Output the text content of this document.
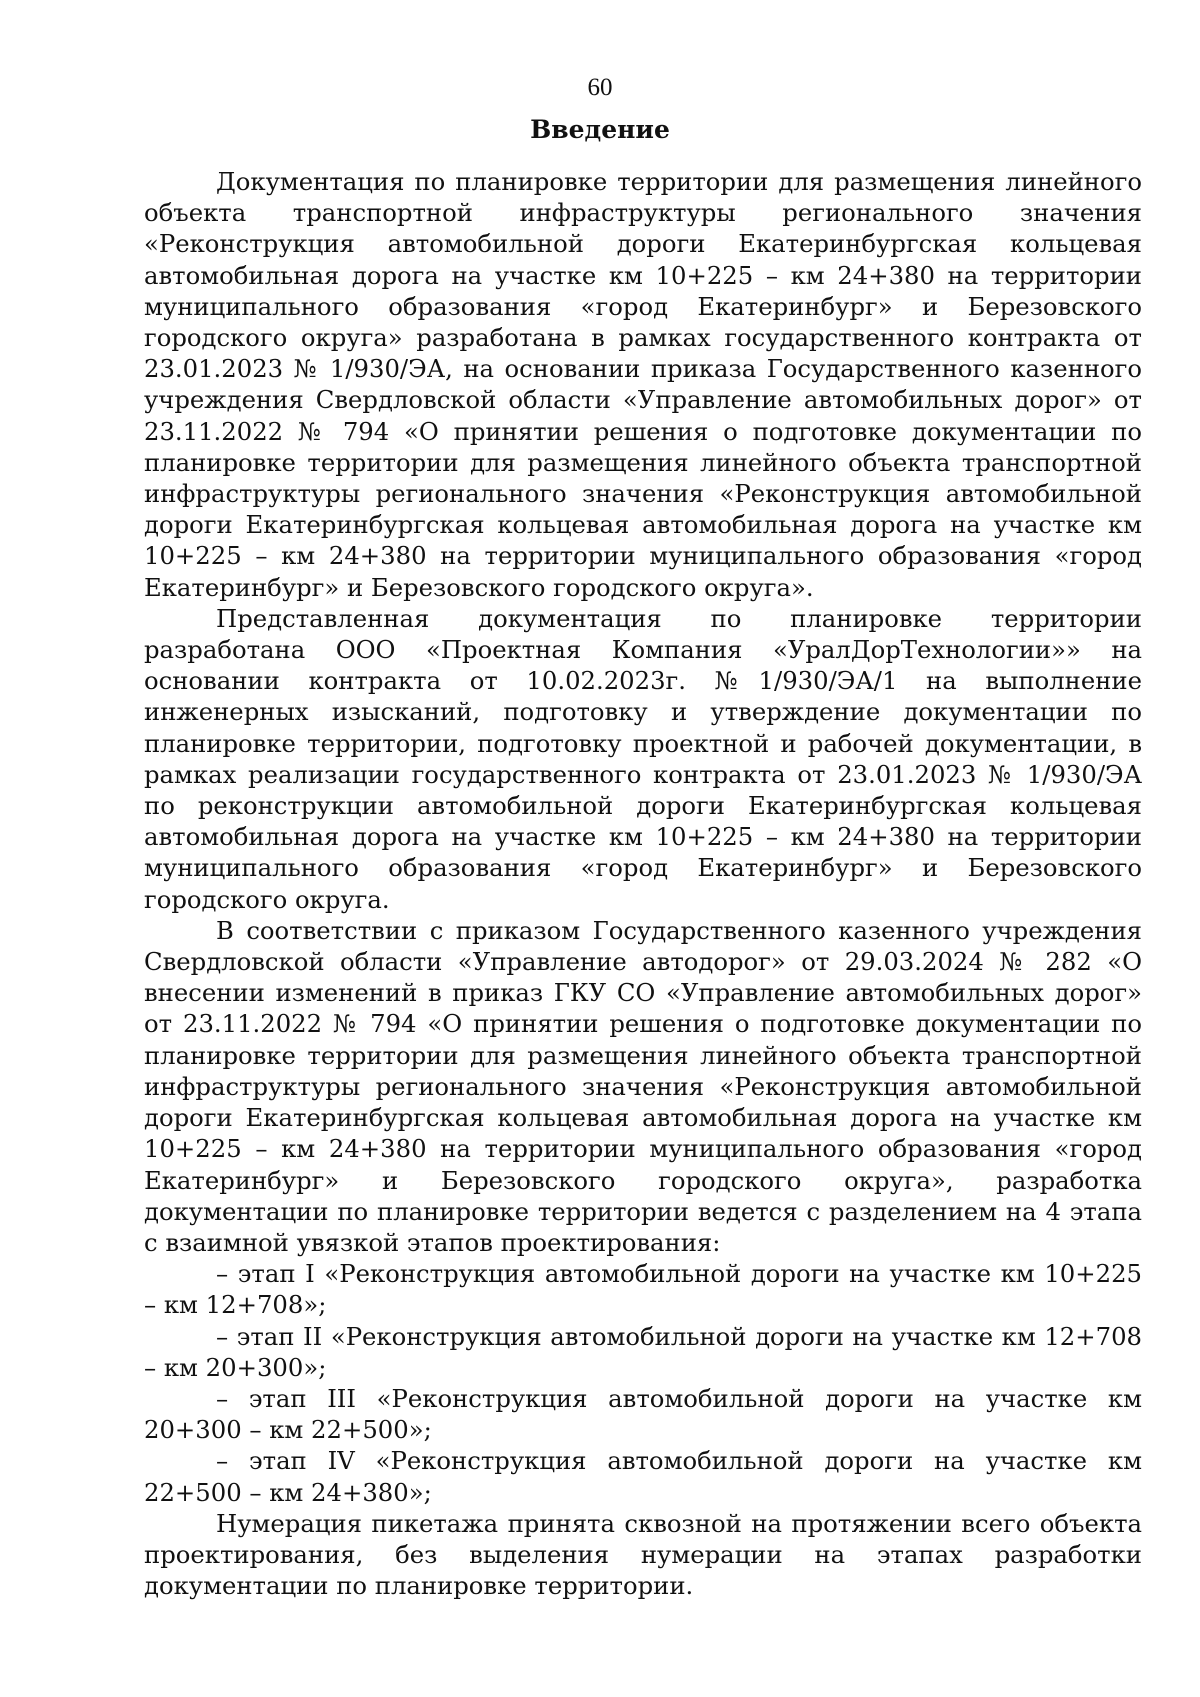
60
Введение

Документация по планировке территории для размещения линейного объекта транспортной инфраструктуры регионального значения «Реконструкция автомобильной дороги Екатеринбургская кольцевая автомобильная дорога на участке км 10+225 – км 24+380 на территории муниципального образования «город Екатеринбург» и Березовского городского округа» разработана в рамках государственного контракта от 23.01.2023 № 1/930/ЭА, на основании приказа Государственного казенного учреждения Свердловской области «Управление автомобильных дорог» от 23.11.2022 № 794 «О принятии решения о подготовке документации по планировке территории для размещения линейного объекта транспортной инфраструктуры регионального значения «Реконструкция автомобильной дороги Екатеринбургская кольцевая автомобильная дорога на участке км 10+225 – км 24+380 на территории муниципального образования «город Екатеринбург» и Березовского городского округа».

Представленная документация по планировке территории разработана ООО «Проектная Компания «УралДорТехнологии»» на основании контракта от 10.02.2023г. №1/930/ЭА/1 на выполнение инженерных изысканий, подготовку и утверждение документации по планировке территории, подготовку проектной и рабочей документации, в рамках реализации государственного контракта от 23.01.2023 № 1/930/ЭА по реконструкции автомобильной дороги Екатеринбургская кольцевая автомобильная дорога на участке км 10+225 – км 24+380 на территории муниципального образования «город Екатеринбург» и Березовского городского округа.

В соответствии с приказом Государственного казенного учреждения Свердловской области «Управление автодорог» от 29.03.2024 № 282 «О внесении изменений в приказ ГКУ СО «Управление автомобильных дорог» от 23.11.2022 № 794 «О принятии решения о подготовке документации по планировке территории для размещения линейного объекта транспортной инфраструктуры регионального значения «Реконструкция автомобильной дороги Екатеринбургская кольцевая автомобильная дорога на участке км 10+225 – км 24+380 на территории муниципального образования «город Екатеринбург» и Березовского городского округа», разработка документации по планировке территории ведется с разделением на 4 этапа с взаимной увязкой этапов проектирования:

– этап I «Реконструкция автомобильной дороги на участке км 10+225 – км 12+708»;

– этап II «Реконструкция автомобильной дороги на участке км 12+708 – км 20+300»;

– этап III «Реконструкция автомобильной дороги на участке км 20+300 – км 22+500»;

– этап IV «Реконструкция автомобильной дороги на участке км 22+500 – км 24+380»;

Нумерация пикетажа принята сквозной на протяжении всего объекта проектирования, без выделения нумерации на этапах разработки документации по планировке территории.
